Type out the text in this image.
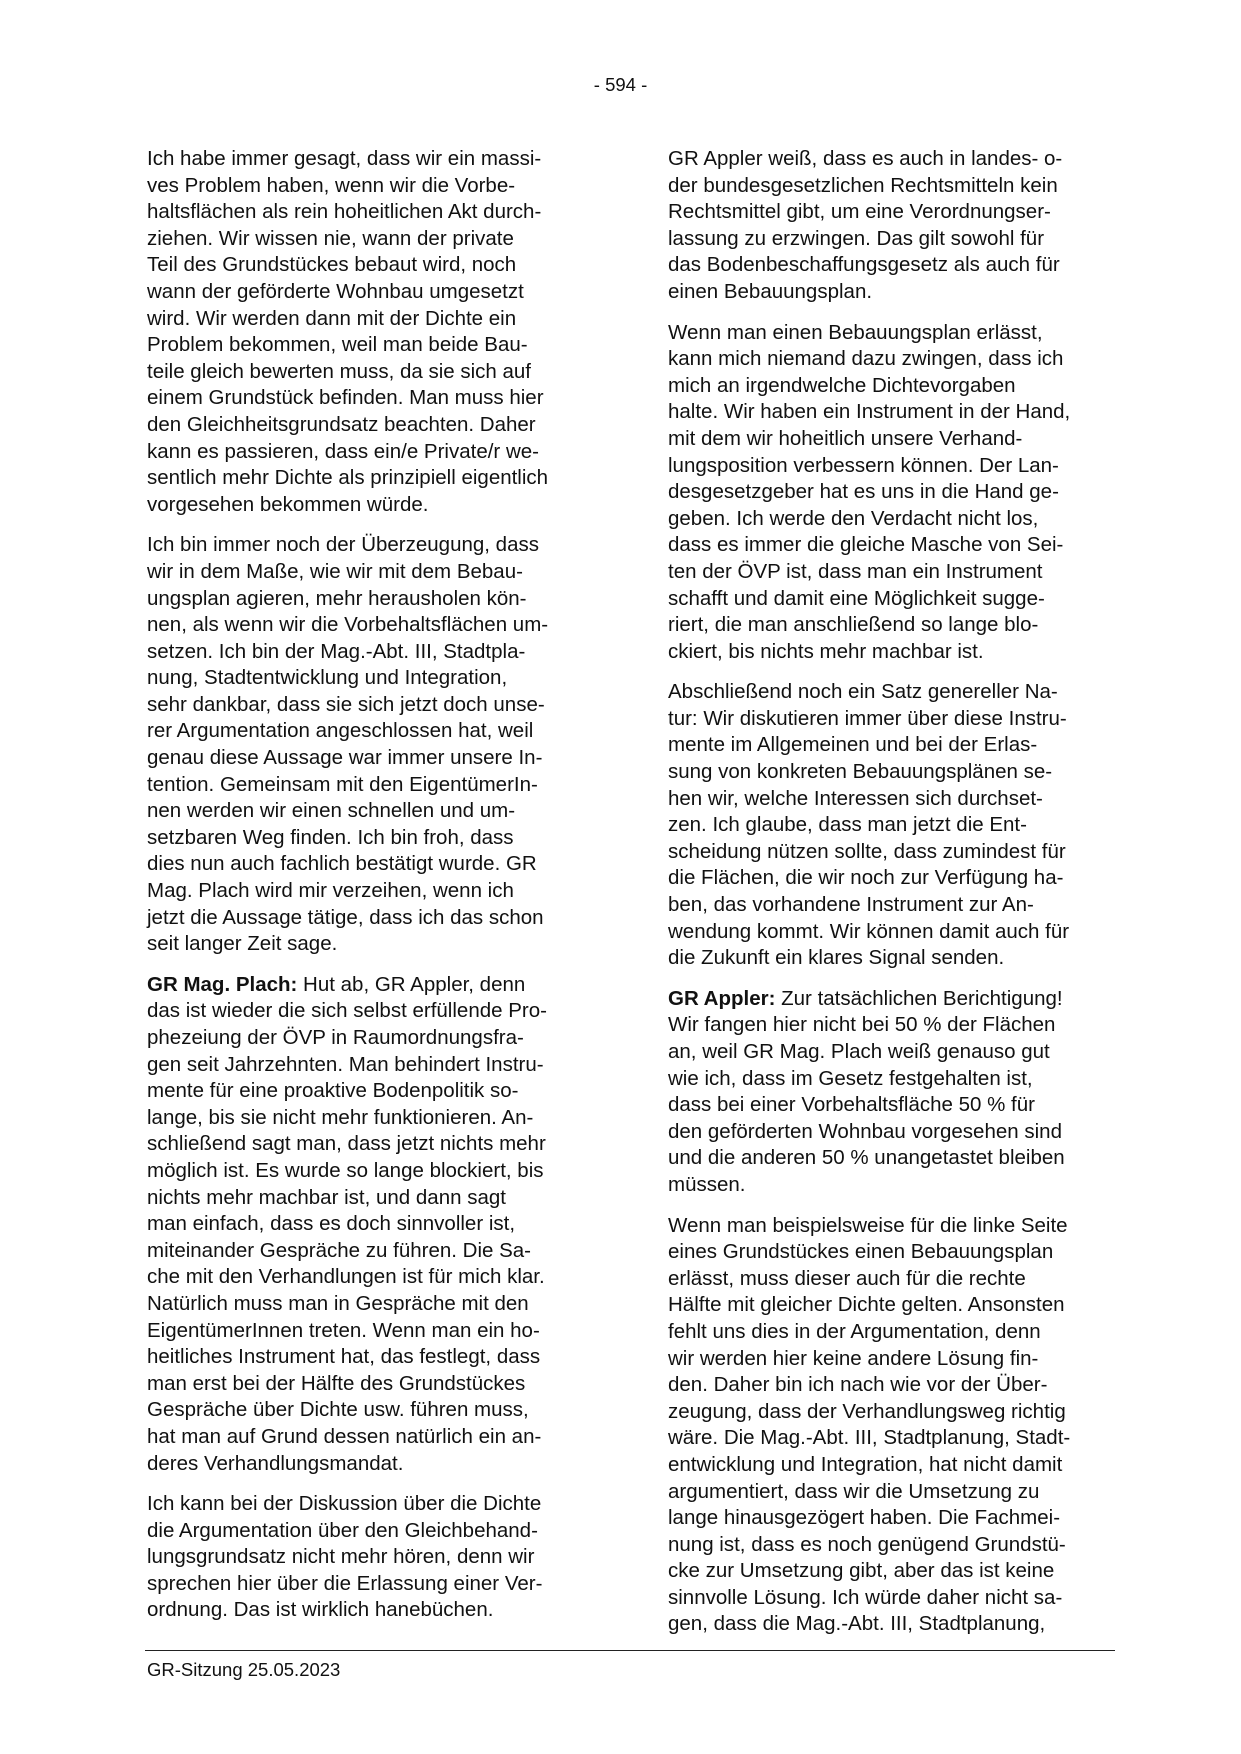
- 594 -
Ich habe immer gesagt, dass wir ein massi-
ves Problem haben, wenn wir die Vorbe-
haltsflächen als rein hoheitlichen Akt durch-
ziehen. Wir wissen nie, wann der private
Teil des Grundstückes bebaut wird, noch
wann der geförderte Wohnbau umgesetzt
wird. Wir werden dann mit der Dichte ein
Problem bekommen, weil man beide Bau-
teile gleich bewerten muss, da sie sich auf
einem Grundstück befinden. Man muss hier
den Gleichheitsgrundsatz beachten. Daher
kann es passieren, dass ein/e Private/r we-
sentlich mehr Dichte als prinzipiell eigentlich
vorgesehen bekommen würde.
Ich bin immer noch der Überzeugung, dass
wir in dem Maße, wie wir mit dem Bebau-
ungsplan agieren, mehr herausholen kön-
nen, als wenn wir die Vorbehaltsflächen um-
setzen. Ich bin der Mag.-Abt. III, Stadtpla-
nung, Stadtentwicklung und Integration,
sehr dankbar, dass sie sich jetzt doch unse-
rer Argumentation angeschlossen hat, weil
genau diese Aussage war immer unsere In-
tention. Gemeinsam mit den EigentümerIn-
nen werden wir einen schnellen und um-
setzbaren Weg finden. Ich bin froh, dass
dies nun auch fachlich bestätigt wurde. GR
Mag. Plach wird mir verzeihen, wenn ich
jetzt die Aussage tätige, dass ich das schon
seit langer Zeit sage.
GR Mag. Plach: Hut ab, GR Appler, denn
das ist wieder die sich selbst erfüllende Pro-
phezeiung der ÖVP in Raumordnungsfra-
gen seit Jahrzehnten. Man behindert Instru-
mente für eine proaktive Bodenpolitik so-
lange, bis sie nicht mehr funktionieren. An-
schließend sagt man, dass jetzt nichts mehr
möglich ist. Es wurde so lange blockiert, bis
nichts mehr machbar ist, und dann sagt
man einfach, dass es doch sinnvoller ist,
miteinander Gespräche zu führen. Die Sa-
che mit den Verhandlungen ist für mich klar.
Natürlich muss man in Gespräche mit den
EigentümerInnen treten. Wenn man ein ho-
heitliches Instrument hat, das festlegt, dass
man erst bei der Hälfte des Grundstückes
Gespräche über Dichte usw. führen muss,
hat man auf Grund dessen natürlich ein an-
deres Verhandlungsmandat.
Ich kann bei der Diskussion über die Dichte
die Argumentation über den Gleichbehand-
lungsgrundsatz nicht mehr hören, denn wir
sprechen hier über die Erlassung einer Ver-
ordnung. Das ist wirklich hanebüchen.
GR Appler weiß, dass es auch in landes- o-
der bundesgesetzlichen Rechtsmitteln kein
Rechtsmittel gibt, um eine Verordnungser-
lassung zu erzwingen. Das gilt sowohl für
das Bodenbeschaffungsgesetz als auch für
einen Bebauungsplan.
Wenn man einen Bebauungsplan erlässt,
kann mich niemand dazu zwingen, dass ich
mich an irgendwelche Dichtevorgaben
halte. Wir haben ein Instrument in der Hand,
mit dem wir hoheitlich unsere Verhand-
lungsposition verbessern können. Der Lan-
desgesetzgeber hat es uns in die Hand ge-
geben. Ich werde den Verdacht nicht los,
dass es immer die gleiche Masche von Sei-
ten der ÖVP ist, dass man ein Instrument
schafft und damit eine Möglichkeit sugge-
riert, die man anschließend so lange blo-
ckiert, bis nichts mehr machbar ist.
Abschließend noch ein Satz genereller Na-
tur: Wir diskutieren immer über diese Instru-
mente im Allgemeinen und bei der Erlas-
sung von konkreten Bebauungsplänen se-
hen wir, welche Interessen sich durchset-
zen. Ich glaube, dass man jetzt die Ent-
scheidung nützen sollte, dass zumindest für
die Flächen, die wir noch zur Verfügung ha-
ben, das vorhandene Instrument zur An-
wendung kommt. Wir können damit auch für
die Zukunft ein klares Signal senden.
GR Appler: Zur tatsächlichen Berichtigung!
Wir fangen hier nicht bei 50 % der Flächen
an, weil GR Mag. Plach weiß genauso gut
wie ich, dass im Gesetz festgehalten ist,
dass bei einer Vorbehaltsfläche 50 % für
den geförderten Wohnbau vorgesehen sind
und die anderen 50 % unangetastet bleiben
müssen.
Wenn man beispielsweise für die linke Seite
eines Grundstückes einen Bebauungsplan
erlässt, muss dieser auch für die rechte
Hälfte mit gleicher Dichte gelten. Ansonsten
fehlt uns dies in der Argumentation, denn
wir werden hier keine andere Lösung fin-
den. Daher bin ich nach wie vor der Über-
zeugung, dass der Verhandlungsweg richtig
wäre. Die Mag.-Abt. III, Stadtplanung, Stadt-
entwicklung und Integration, hat nicht damit
argumentiert, dass wir die Umsetzung zu
lange hinausgezögert haben. Die Fachmei-
nung ist, dass es noch genügend Grundstü-
cke zur Umsetzung gibt, aber das ist keine
sinnvolle Lösung. Ich würde daher nicht sa-
gen, dass die Mag.-Abt. III, Stadtplanung,
GR-Sitzung 25.05.2023
